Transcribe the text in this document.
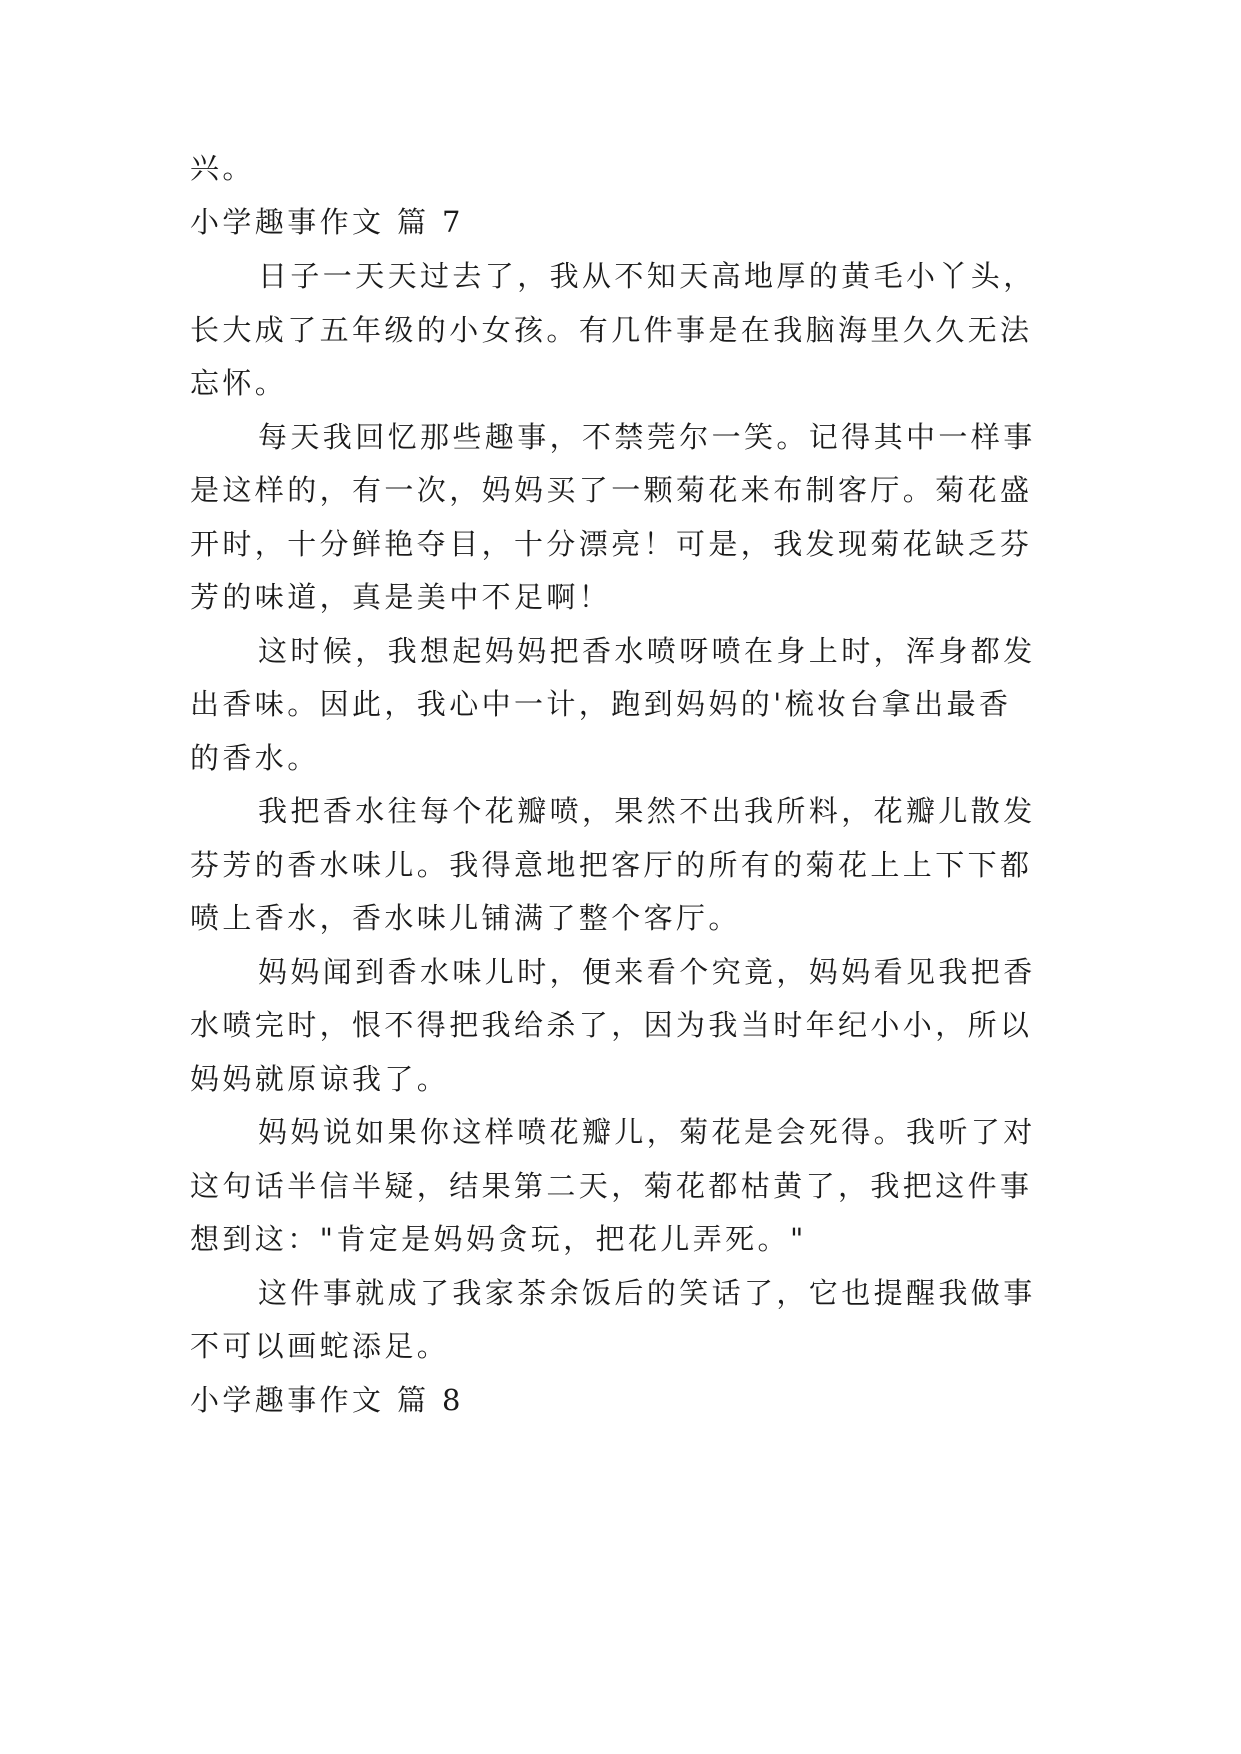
兴。
小学趣事作文 篇 7
日子一天天过去了，我从不知天高地厚的黄毛小丫头，
长大成了五年级的小女孩。有几件事是在我脑海里久久无法
忘怀。
每天我回忆那些趣事，不禁莞尔一笑。记得其中一样事
是这样的，有一次，妈妈买了一颗菊花来布制客厅。菊花盛
开时，十分鲜艳夺目，十分漂亮！可是，我发现菊花缺乏芬
芳的味道，真是美中不足啊！
这时候，我想起妈妈把香水喷呀喷在身上时，浑身都发
出香味。因此，我心中一计，跑到妈妈的'梳妆台拿出最香
的香水。
我把香水往每个花瓣喷，果然不出我所料，花瓣儿散发
芬芳的香水味儿。我得意地把客厅的所有的菊花上上下下都
喷上香水，香水味儿铺满了整个客厅。
妈妈闻到香水味儿时，便来看个究竟，妈妈看见我把香
水喷完时，恨不得把我给杀了，因为我当时年纪小小，所以
妈妈就原谅我了。
妈妈说如果你这样喷花瓣儿，菊花是会死得。我听了对
这句话半信半疑，结果第二天，菊花都枯黄了，我把这件事
想到这："肯定是妈妈贪玩，把花儿弄死。"
这件事就成了我家茶余饭后的笑话了，它也提醒我做事
不可以画蛇添足。
小学趣事作文 篇 8
